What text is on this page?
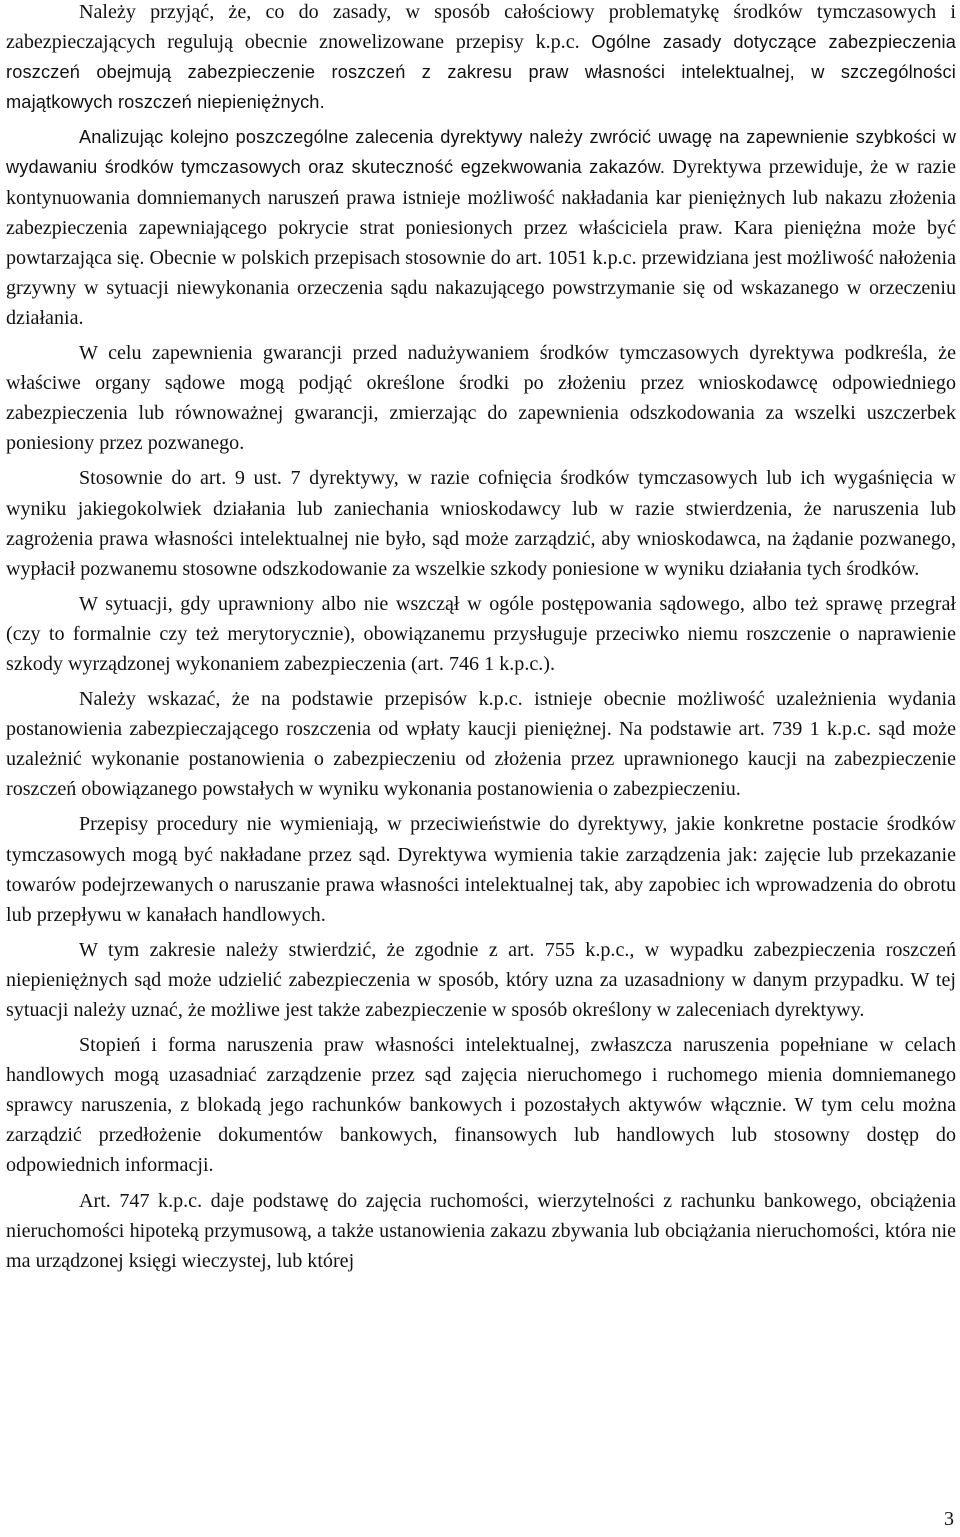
Należy przyjąć, że, co do zasady, w sposób całościowy problematykę środków tymczasowych i zabezpieczających regulują obecnie znowelizowane przepisy k.p.c. Ogólne zasady dotyczące zabezpieczenia roszczeń obejmują zabezpieczenie roszczeń z zakresu praw własności intelektualnej, w szczególności majątkowych roszczeń niepieniężnych.

Analizując kolejno poszczególne zalecenia dyrektywy należy zwrócić uwagę na zapewnienie szybkości w wydawaniu środków tymczasowych oraz skuteczność egzekwowania zakazów. Dyrektywa przewiduje, że w razie kontynuowania domniemanych naruszeń prawa istnieje możliwość nakładania kar pieniężnych lub nakazu złożenia zabezpieczenia zapewniającego pokrycie strat poniesionych przez właściciela praw. Kara pieniężna może być powtarzająca się. Obecnie w polskich przepisach stosownie do art. 1051 k.p.c. przewidziana jest możliwość nałożenia grzywny w sytuacji niewykonania orzeczenia sądu nakazującego powstrzymanie się od wskazanego w orzeczeniu działania.

W celu zapewnienia gwarancji przed nadużywaniem środków tymczasowych dyrektywa podkreśla, że właściwe organy sądowe mogą podjąć określone środki po złożeniu przez wnioskodawcę odpowiedniego zabezpieczenia lub równoważnej gwarancji, zmierzając do zapewnienia odszkodowania za wszelki uszczerbek poniesiony przez pozwanego.

Stosownie do art. 9 ust. 7 dyrektywy, w razie cofnięcia środków tymczasowych lub ich wygaśnięcia w wyniku jakiegokolwiek działania lub zaniechania wnioskodawcy lub w razie stwierdzenia, że naruszenia lub zagrożenia prawa własności intelektualnej nie było, sąd może zarządzić, aby wnioskodawca, na żądanie pozwanego, wypłacił pozwanemu stosowne odszkodowanie za wszelkie szkody poniesione w wyniku działania tych środków.

W sytuacji, gdy uprawniony albo nie wszczął w ogóle postępowania sądowego, albo też sprawę przegrał (czy to formalnie czy też merytorycznie), obowiązanemu przysługuje przeciwko niemu roszczenie o naprawienie szkody wyrządzonej wykonaniem zabezpieczenia (art. 746 1 k.p.c.).

Należy wskazać, że na podstawie przepisów k.p.c. istnieje obecnie możliwość uzależnienia wydania postanowienia zabezpieczającego roszczenia od wpłaty kaucji pieniężnej. Na podstawie art. 739 1 k.p.c. sąd może uzależnić wykonanie postanowienia o zabezpieczeniu od złożenia przez uprawnionego kaucji na zabezpieczenie roszczeń obowiązanego powstałych w wyniku wykonania postanowienia o zabezpieczeniu.

Przepisy procedury nie wymieniają, w przeciwieństwie do dyrektywy, jakie konkretne postacie środków tymczasowych mogą być nakładane przez sąd. Dyrektywa wymienia takie zarządzenia jak: zajęcie lub przekazanie towarów podejrzewanych o naruszanie prawa własności intelektualnej tak, aby zapobiec ich wprowadzenia do obrotu lub przepływu w kanałach handlowych.

W tym zakresie należy stwierdzić, że zgodnie z art. 755 k.p.c., w wypadku zabezpieczenia roszczeń niepieniężnych sąd może udzielić zabezpieczenia w sposób, który uzna za uzasadniony w danym przypadku. W tej sytuacji należy uznać, że możliwe jest także zabezpieczenie w sposób określony w zaleceniach dyrektywy.

Stopień i forma naruszenia praw własności intelektualnej, zwłaszcza naruszenia popełniane w celach handlowych mogą uzasadniać zarządzenie przez sąd zajęcia nieruchomego i ruchomego mienia domniemanego sprawcy naruszenia, z blokadą jego rachunków bankowych i pozostałych aktywów włącznie. W tym celu można zarządzić przedłożenie dokumentów bankowych, finansowych lub handlowych lub stosowny dostęp do odpowiednich informacji.

Art. 747 k.p.c. daje podstawę do zajęcia ruchomości, wierzytelności z rachunku bankowego, obciążenia nieruchomości hipoteką przymusową, a także ustanowienia zakazu zbywania lub obciążania nieruchomości, która nie ma urządzonej księgi wieczystej, lub której

3
